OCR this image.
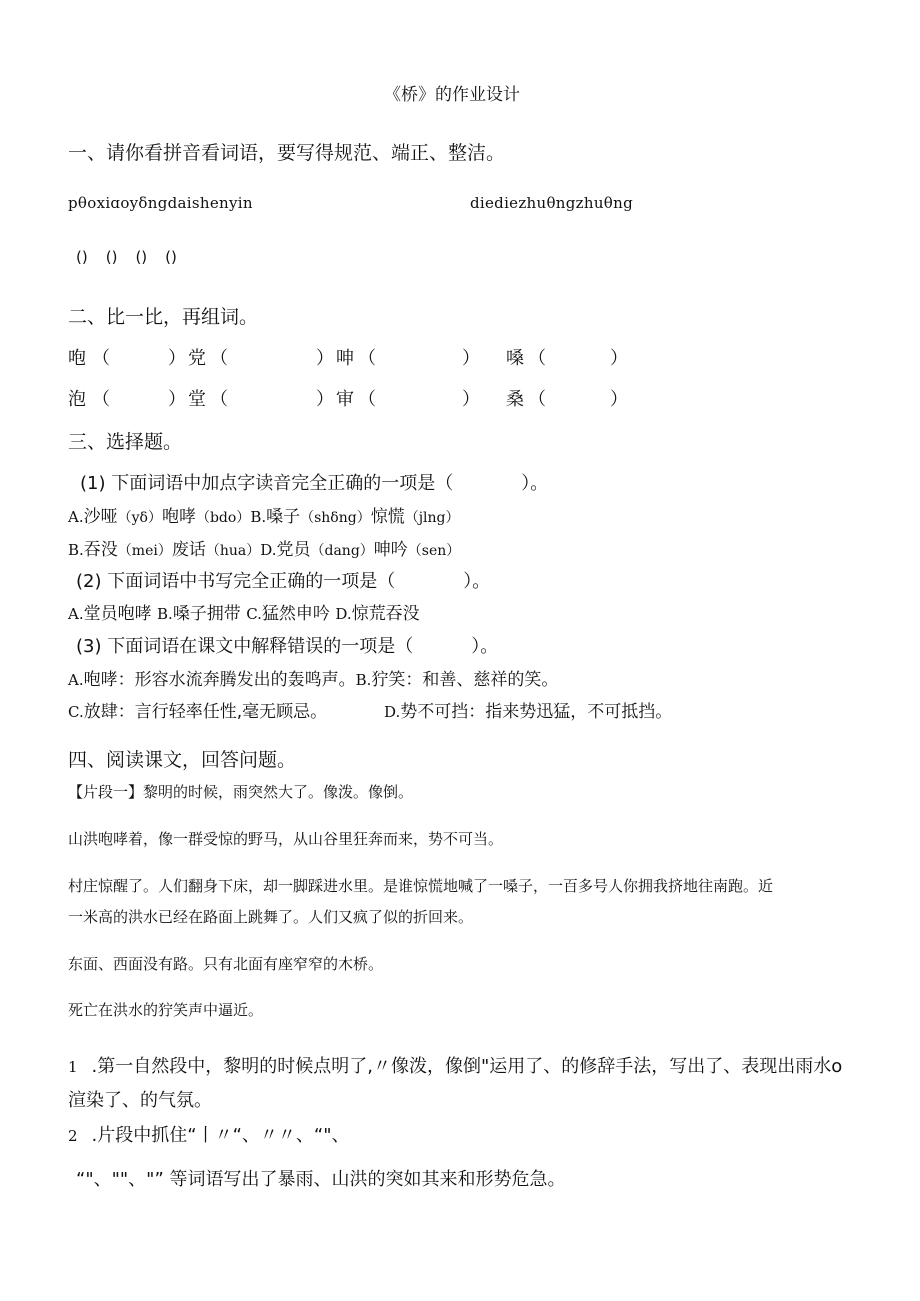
《桥》的作业设计
一、请你看拼音看词语，要写得规范、端正、整洁。
pθoxiɑoyδngdaishenyin	diediezhuθngzhuθng
() () () ()
二、比一比，再组词。
咆 （	） 党 （	） 呻 （	） 嗓 （	）
泡 （	） 堂 （	） 审 （	） 桑 （	）
三、选择题。
(1) 下面词语中加点字读音完全正确的一项是（	）。
A.沙哑（yδ）咆哮（bdo）B.嗓子（shδng）惊慌（jlng）
B.吞没（mei）废话（hua）D.党员（dang）呻吟（sen）
(2) 下面词语中书写完全正确的一项是（	）。
A.堂员咆哮 B.嗓子拥带 C.猛然申吟 D.惊荒吞没
(3) 下面词语在课文中解释错误的一项是（	）。
A.咆哮：形容水流奔腾发出的轰鸣声。B.狞笑：和善、慈祥的笑。
C.放肆：言行轻率任性,毫无顾忌。	D.势不可挡：指来势迅猛，不可抵挡。
四、阅读课文，回答问题。
【片段一】黎明的时候，雨突然大了。像泼。像倒。
山洪咆哮着，像一群受惊的野马，从山谷里狂奔而来，势不可当。
村庄惊醒了。人们翻身下床，却一脚踩进水里。是谁惊慌地喊了一嗓子，一百多号人你拥我挤地往南跑。近
一米高的洪水已经在路面上跳舞了。人们又疯了似的折回来。
东面、西面没有路。只有北面有座窄窄的木桥。
死亡在洪水的狞笑声中逼近。
1 .第一自然段中，黎明的时候点明了,〃像泼，像倒"运用了、的修辞手法，写出了、表现出雨水o
渲染了、的气氛。
2 .片段中抓住“丨〃“、〃〃、“"、
“"、""、"” 等词语写出了暴雨、山洪的突如其来和形势危急。
